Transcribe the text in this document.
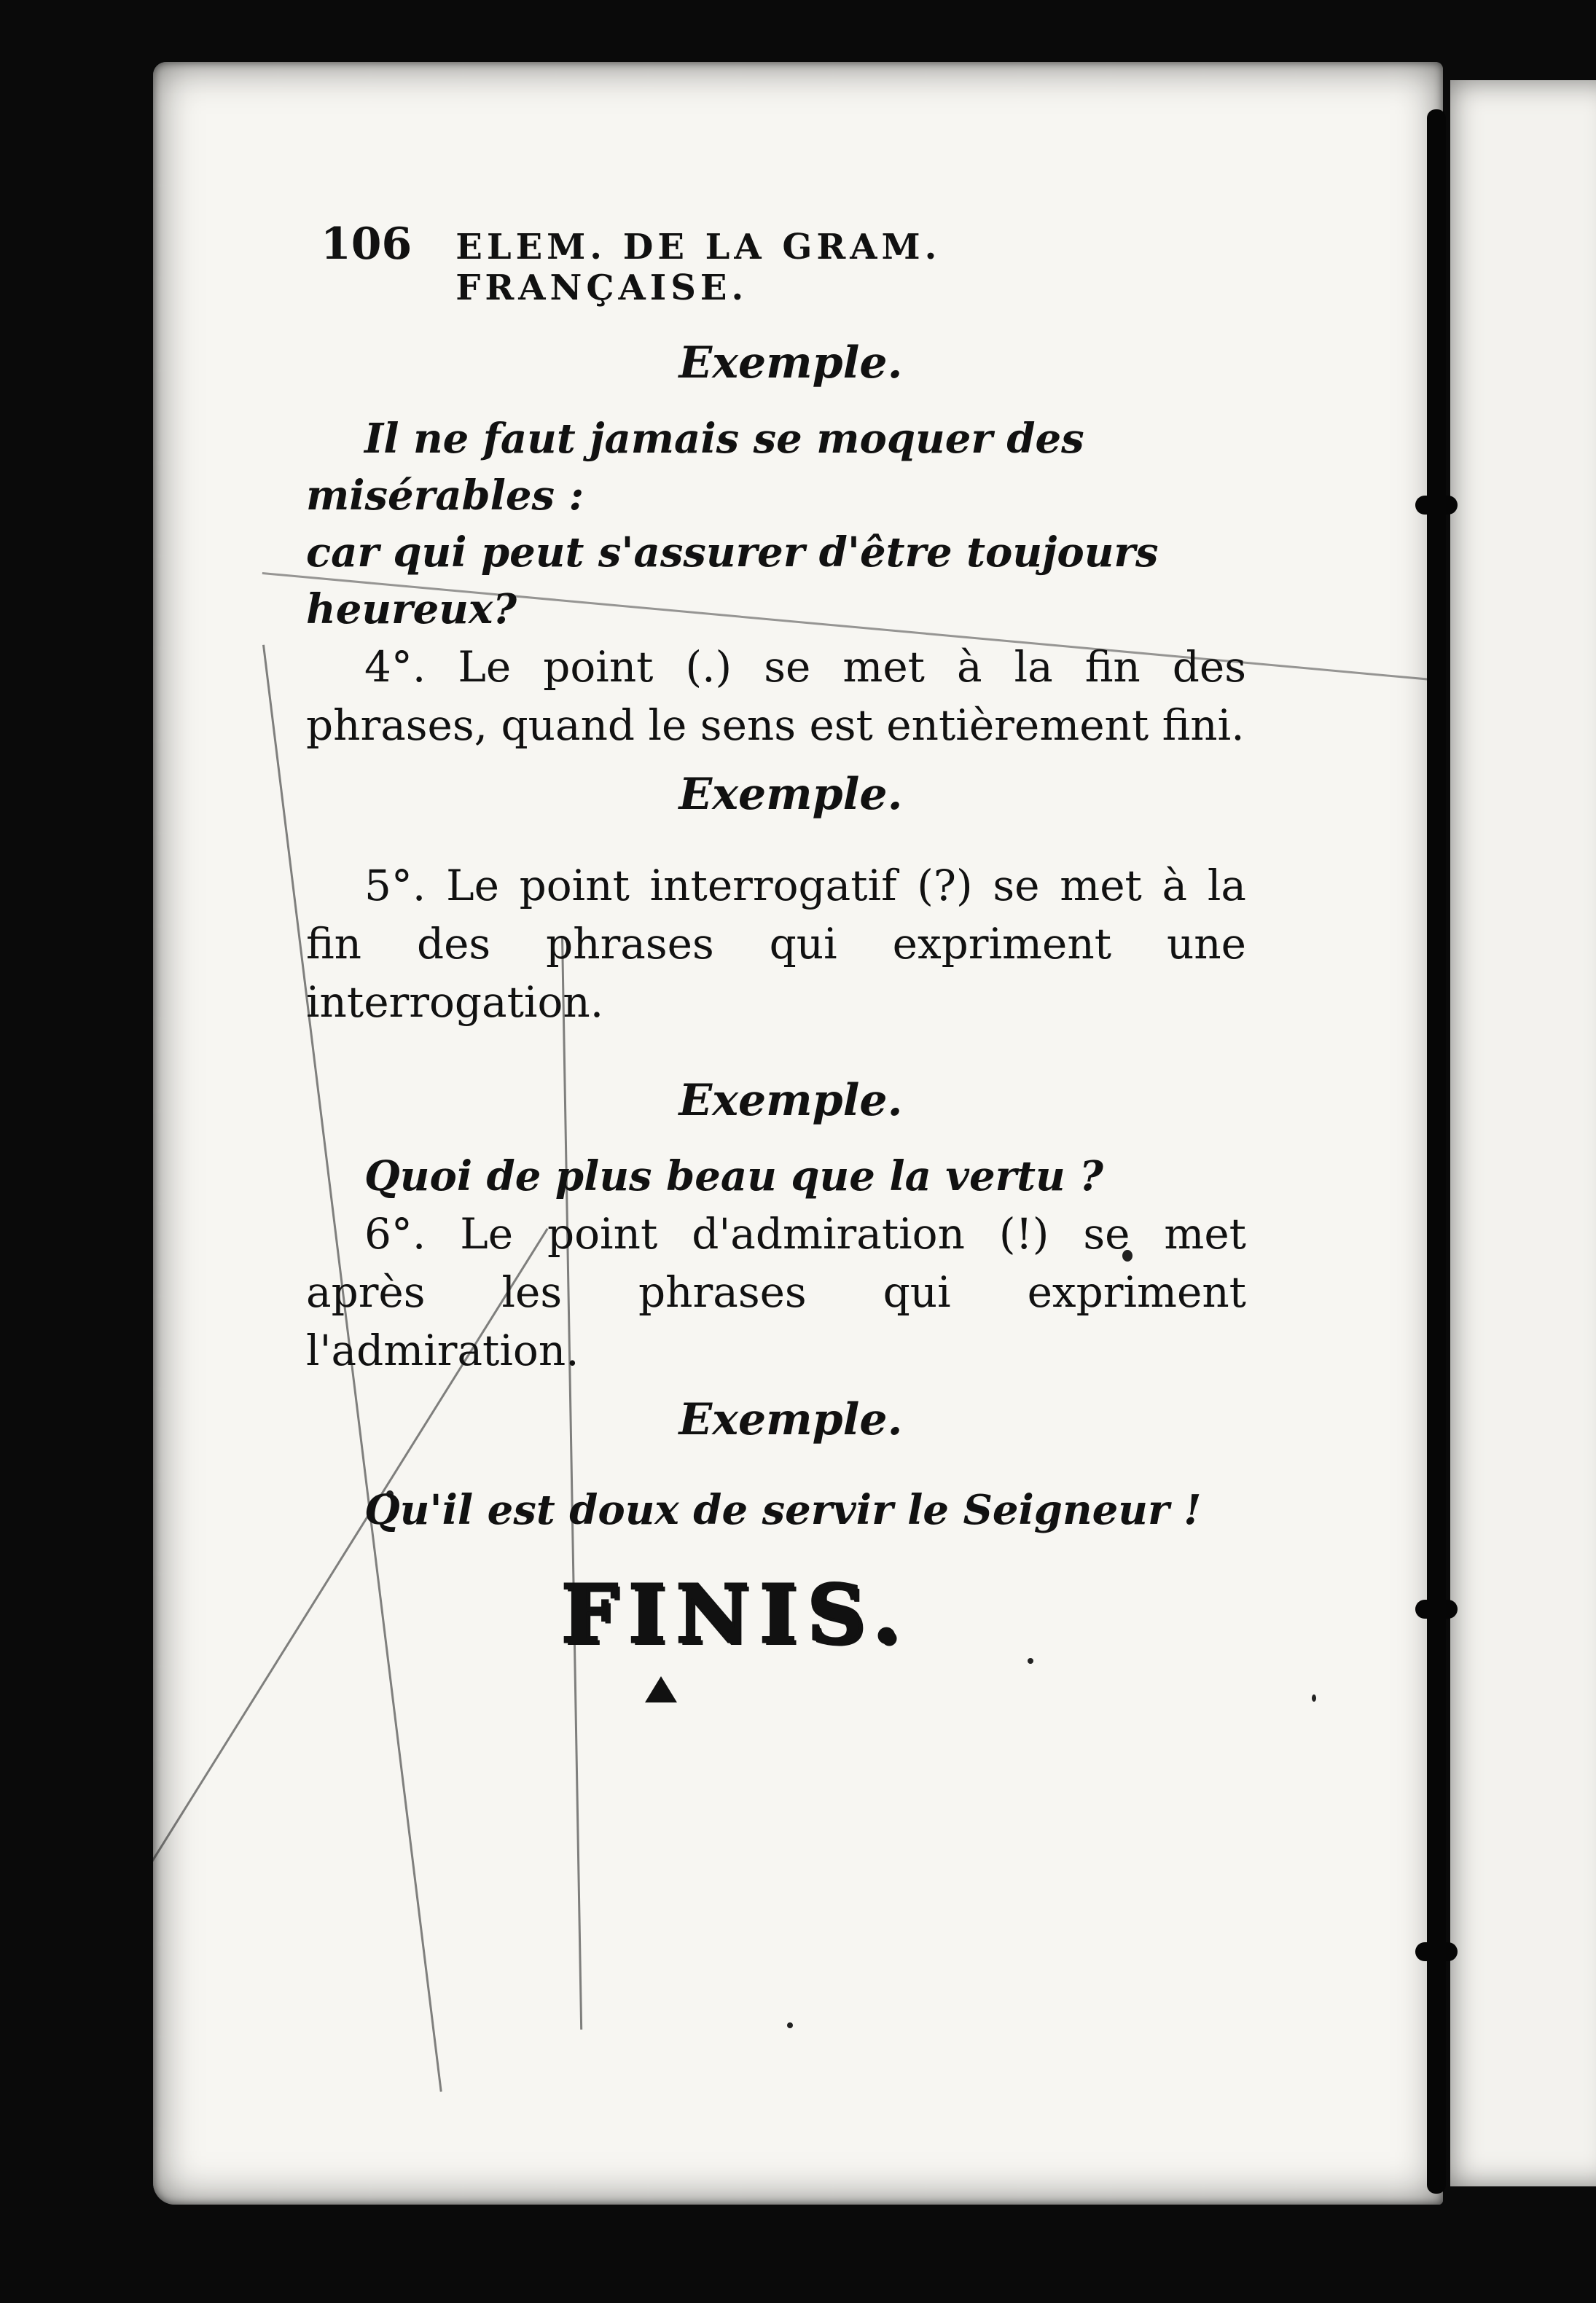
106 ELEM. DE LA GRAM. FRANÇAISE.

Exemple.

Il ne faut jamais se moquer des misérables :

car qui peut s'assurer d'être toujours heureux?

4°. Le point (.) se met à la fin des phrases, quand le sens est entièrement fini.

Exemple.

5°. Le point interrogatif (?) se met à la fin des phrases qui expriment une interrogation.

Exemple.

Quoi de plus beau que la vertu ?

6°. Le point d'admiration (!) se met après les phrases qui expriment l'admiration.

Exemple.

Qu'il est doux de servir le Seigneur !

FINIS.
